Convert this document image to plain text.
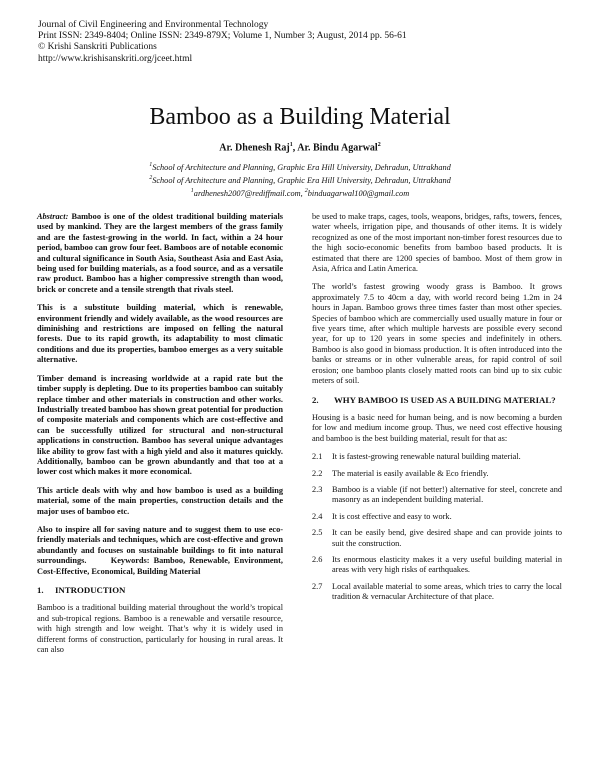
Journal of Civil Engineering and Environmental Technology
Print ISSN: 2349-8404; Online ISSN: 2349-879X; Volume 1, Number 3; August, 2014 pp. 56-61
© Krishi Sanskriti Publications
http://www.krishisanskriti.org/jceet.html
Bamboo as a Building Material
Ar. Dhenesh Raj$^1$, Ar. Bindu Agarwal$^2$
$^1$School of Architecture and Planning, Graphic Era Hill University, Dehradun, Uttrakhand
$^2$School of Architecture and Planning, Graphic Era Hill University, Dehradun, Uttrakhand
$^1$ardhenesh2007@rediffmail.com, $^2$binduagarwal100@gmail.com

Abstract: Bamboo is one of the oldest traditional building materials used by mankind. They are the largest members of the grass family and are the fastest-growing in the world. In fact, within a 24 hour period, bamboo can grow four feet. Bamboos are of notable economic and cultural significance in South Asia, Southeast Asia and East Asia, being used for building materials, as a food source, and as a versatile raw product. Bamboo has a higher compressive strength than wood, brick or concrete and a tensile strength that rivals steel.

This is a substitute building material, which is renewable, environment friendly and widely available, as the wood resources are diminishing and restrictions are imposed on felling the natural forests. Due to its rapid growth, its adaptability to most climatic conditions and due its properties, bamboo emerges as a very suitable alternative.

Timber demand is increasing worldwide at a rapid rate but the timber supply is depleting. Due to its properties bamboo can suitably replace timber and other materials in construction and other works. Industrially treated bamboo has shown great potential for production of composite materials and components which are cost-effective and can be successfully utilized for structural and non-structural applications in construction. Bamboo has several unique advantages like ability to grow fast with a high yield and also it matures quickly. Additionally, bamboo can be grown abundantly and that too at a lower cost which makes it more economical.

This article deals with why and how bamboo is used as a building material, some of the main properties, construction details and the major uses of bamboo etc.

Also to inspire all for saving nature and to suggest them to use eco-friendly materials and techniques, which are cost-effective and grown abundantly and focuses on sustainable buildings to fit into natural surroundings.	Keywords: Bamboo, Renewable, Environment, Cost-Effective, Economical, Building Material

1. INTRODUCTION

Bamboo is a traditional building material throughout the world’s tropical and sub-tropical regions. Bamboo is a renewable and versatile resource, with high strength and low weight. That’s why it is widely used in different forms of construction, particularly for housing in rural areas. It can also

be used to make traps, cages, tools, weapons, bridges, rafts, towers, fences, water wheels, irrigation pipe, and thousands of other items. It is widely recognized as one of the most important non-timber forest resources due to the high socio-economic benefits from bamboo based products. It is estimated that there are 1200 species of bamboo. Most of them grow in Asia, Africa and Latin America.

The world’s fastest growing woody grass is Bamboo. It grows approximately 7.5 to 40cm a day, with world record being 1.2m in 24 hours in Japan. Bamboo grows three times faster than most other species. Species of bamboo which are commercially used usually mature in four or five years time, after which multiple harvests are possible every second year, for up to 120 years in some species and indefinitely in others. Bamboo is also good in biomass production. It is often introduced into the banks or streams or in other vulnerable areas, for rapid control of soil erosion; one bamboo plants closely matted roots can bind up to six cubic meters of soil.

2.	WHY BAMBOO IS USED AS A BUILDING MATERIAL?

Housing is a basic need for human being, and is now becoming a burden for low and medium income group. Thus, we need cost effective housing and bamboo is the best building material, result for that as:

2.1	It is fastest-growing renewable natural building material.
2.2	The material is easily available & Eco friendly.
2.3	Bamboo is a viable (if not better!) alternative for steel, concrete and masonry as an independent building material.
2.4	It is cost effective and easy to work.
2.5	It can be easily bend, give desired shape and can provide joints to suit the construction.
2.6	Its enormous elasticity makes it a very useful building material in areas with very high risks of earthquakes.
2.7	Local available material to some areas, which tries to carry the local tradition & vernacular Architecture of that place.
